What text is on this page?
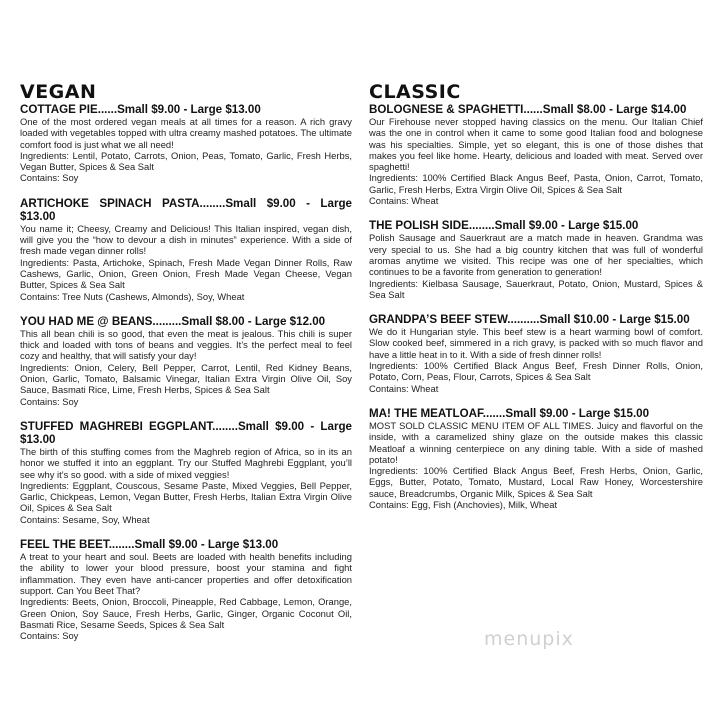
VEGAN
COTTAGE PIE......Small $9.00 - Large $13.00

One of the most ordered vegan meals at all times for a reason. A rich gravy loaded with vegetables topped with ultra creamy mashed potatoes. The ultimate comfort food is just what we all need!

Ingredients: Lentil, Potato, Carrots, Onion, Peas, Tomato, Garlic, Fresh Herbs, Vegan Butter, Spices & Sea Salt

Contains: Soy

ARTICHOKE SPINACH PASTA........Small $9.00 - Large $13.00

You name it; Cheesy, Creamy and Delicious! This Italian inspired, vegan dish, will give you the “how to devour a dish in minutes” experience. With a side of fresh made vegan dinner rolls!

Ingredients: Pasta, Artichoke, Spinach, Fresh Made Vegan Dinner Rolls, Raw Cashews, Garlic, Onion, Green Onion, Fresh Made Vegan Cheese, Vegan Butter, Spices & Sea Salt

Contains: Tree Nuts (Cashews, Almonds), Soy, Wheat

YOU HAD ME @ BEANS.........Small $8.00 - Large $12.00

This all bean chili is so good, that even the meat is jealous. This chili is super thick and loaded with tons of beans and veggies. It’s the perfect meal to feel cozy and healthy, that will satisfy your day!

Ingredients: Onion, Celery, Bell Pepper, Carrot, Lentil, Red Kidney Beans, Onion, Garlic, Tomato, Balsamic Vinegar, Italian Extra Virgin Olive Oil, Soy Sauce, Basmati Rice, Lime, Fresh Herbs, Spices & Sea Salt

Contains: Soy

STUFFED MAGHREBI EGGPLANT........Small $9.00 - Large $13.00

The birth of this stuffing comes from the Maghreb region of Africa, so in its an honor we stuffed it into an eggplant. Try our Stuffed Maghrebi Eggplant, you’ll see why it’s so good. with a side of mixed veggies!

Ingredients: Eggplant, Couscous, Sesame Paste, Mixed Veggies, Bell Pepper, Garlic, Chickpeas, Lemon, Vegan Butter, Fresh Herbs, Italian Extra Virgin Olive Oil, Spices & Sea Salt

Contains: Sesame, Soy, Wheat

FEEL THE BEET........Small $9.00 - Large $13.00

A treat to your heart and soul. Beets are loaded with health benefits including the ability to lower your blood pressure, boost your stamina and fight inflammation. They even have anti-cancer properties and offer detoxification support. Can You Beet That?

Ingredients: Beets, Onion, Broccoli, Pineapple, Red Cabbage, Lemon, Orange, Green Onion, Soy Sauce, Fresh Herbs, Garlic, Ginger, Organic Coconut Oil, Basmati Rice, Sesame Seeds, Spices & Sea Salt

Contains: Soy

CLASSIC
BOLOGNESE & SPAGHETTI......Small $8.00 - Large $14.00

Our Firehouse never stopped having classics on the menu. Our Italian Chief was the one in control when it came to some good Italian food and bolognese was his specialties. Simple, yet so elegant, this is one of those dishes that makes you feel like home. Hearty, delicious and loaded with meat. Served over spaghetti!

Ingredients: 100% Certified Black Angus Beef, Pasta, Onion, Carrot, Tomato, Garlic, Fresh Herbs, Extra Virgin Olive Oil, Spices & Sea Salt

Contains: Wheat

THE POLISH SIDE........Small $9.00 - Large $15.00

Polish Sausage and Sauerkraut are a match made in heaven. Grandma was very special to us. She had a big country kitchen that was full of wonderful aromas anytime we visited. This recipe was one of her specialties, which continues to be a favorite from generation to generation!

Ingredients: Kielbasa Sausage, Sauerkraut, Potato, Onion, Mustard, Spices & Sea Salt

GRANDPA’S BEEF STEW..........Small $10.00 - Large $15.00

We do it Hungarian style. This beef stew is a heart warming bowl of comfort. Slow cooked beef, simmered in a rich gravy, is packed with so much flavor and have a little heat in to it. With a side of fresh dinner rolls!

Ingredients: 100% Certified Black Angus Beef, Fresh Dinner Rolls, Onion, Potato, Corn, Peas, Flour, Carrots, Spices & Sea Salt

Contains: Wheat

MA! THE MEATLOAF.......Small $9.00 - Large $15.00

MOST SOLD CLASSIC MENU ITEM OF ALL TIMES. Juicy and flavorful on the inside, with a caramelized shiny glaze on the outside makes this classic Meatloaf a winning centerpiece on any dining table. With a side of mashed potato!

Ingredients: 100% Certified Black Angus Beef, Fresh Herbs, Onion, Garlic, Eggs, Butter, Potato, Tomato, Mustard, Local Raw Honey, Worcestershire sauce, Breadcrumbs, Organic Milk, Spices & Sea Salt

Contains: Egg, Fish (Anchovies), Milk, Wheat

menupix
